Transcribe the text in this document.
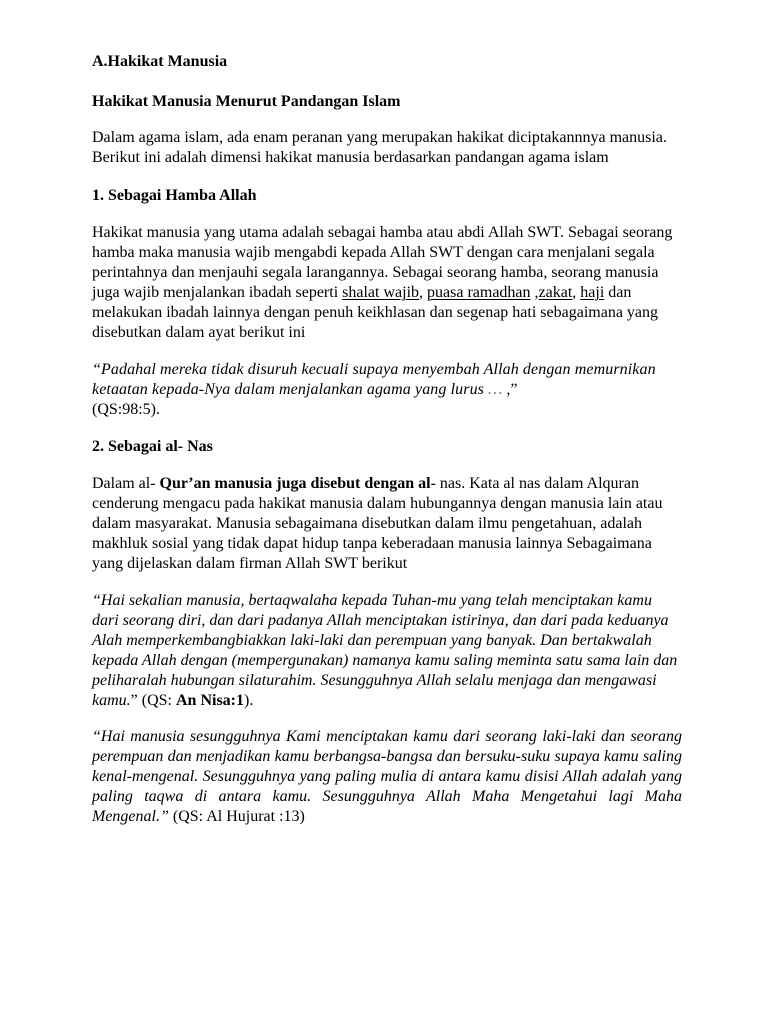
A.Hakikat Manusia
Hakikat Manusia Menurut Pandangan Islam

Dalam agama islam, ada enam peranan yang merupakan hakikat diciptakannnya manusia. Berikut ini adalah dimensi hakikat manusia berdasarkan pandangan agama islam

1. Sebagai Hamba Allah

Hakikat manusia yang utama adalah sebagai hamba atau abdi Allah SWT. Sebagai seorang hamba maka manusia wajib mengabdi kepada Allah SWT dengan cara menjalani segala perintahnya dan menjauhi segala larangannya. Sebagai seorang hamba, seorang manusia juga wajib menjalankan ibadah seperti shalat wajib, puasa ramadhan ,zakat, haji dan melakukan ibadah lainnya dengan penuh keikhlasan dan segenap hati sebagaimana yang disebutkan dalam ayat berikut ini

“Padahal mereka tidak disuruh kecuali supaya menyembah Allah dengan memurnikan ketaatan kepada-Nya dalam menjalankan agama yang lurus … ,”
(QS:98:5).

2. Sebagai al- Nas

Dalam al- Qur’an manusia juga disebut dengan al- nas. Kata al nas dalam Alquran cenderung mengacu pada hakikat manusia dalam hubungannya dengan manusia lain atau dalam masyarakat. Manusia sebagaimana disebutkan dalam ilmu pengetahuan, adalah makhluk sosial yang tidak dapat hidup tanpa keberadaan manusia lainnya Sebagaimana yang dijelaskan dalam firman Allah SWT berikut

“Hai sekalian manusia, bertaqwalaha kepada Tuhan-mu yang telah menciptakan kamu dari seorang diri, dan dari padanya Allah menciptakan istirinya, dan dari pada keduanya Alah memperkembangbiakkan laki-laki dan perempuan yang banyak. Dan bertakwalah kepada Allah dengan (mempergunakan) namanya kamu saling meminta satu sama lain dan peliharalah hubungan silaturahim. Sesungguhnya Allah selalu menjaga dan mengawasi kamu.” (QS: An Nisa:1).

“Hai manusia sesungguhnya Kami menciptakan kamu dari seorang laki-laki dan seorang perempuan dan menjadikan kamu berbangsa-bangsa dan bersuku-suku supaya kamu saling kenal-mengenal. Sesungguhnya yang paling mulia di antara kamu disisi Allah adalah yang paling taqwa di antara kamu. Sesungguhnya Allah Maha Mengetahui lagi Maha Mengenal.” (QS: Al Hujurat :13)
